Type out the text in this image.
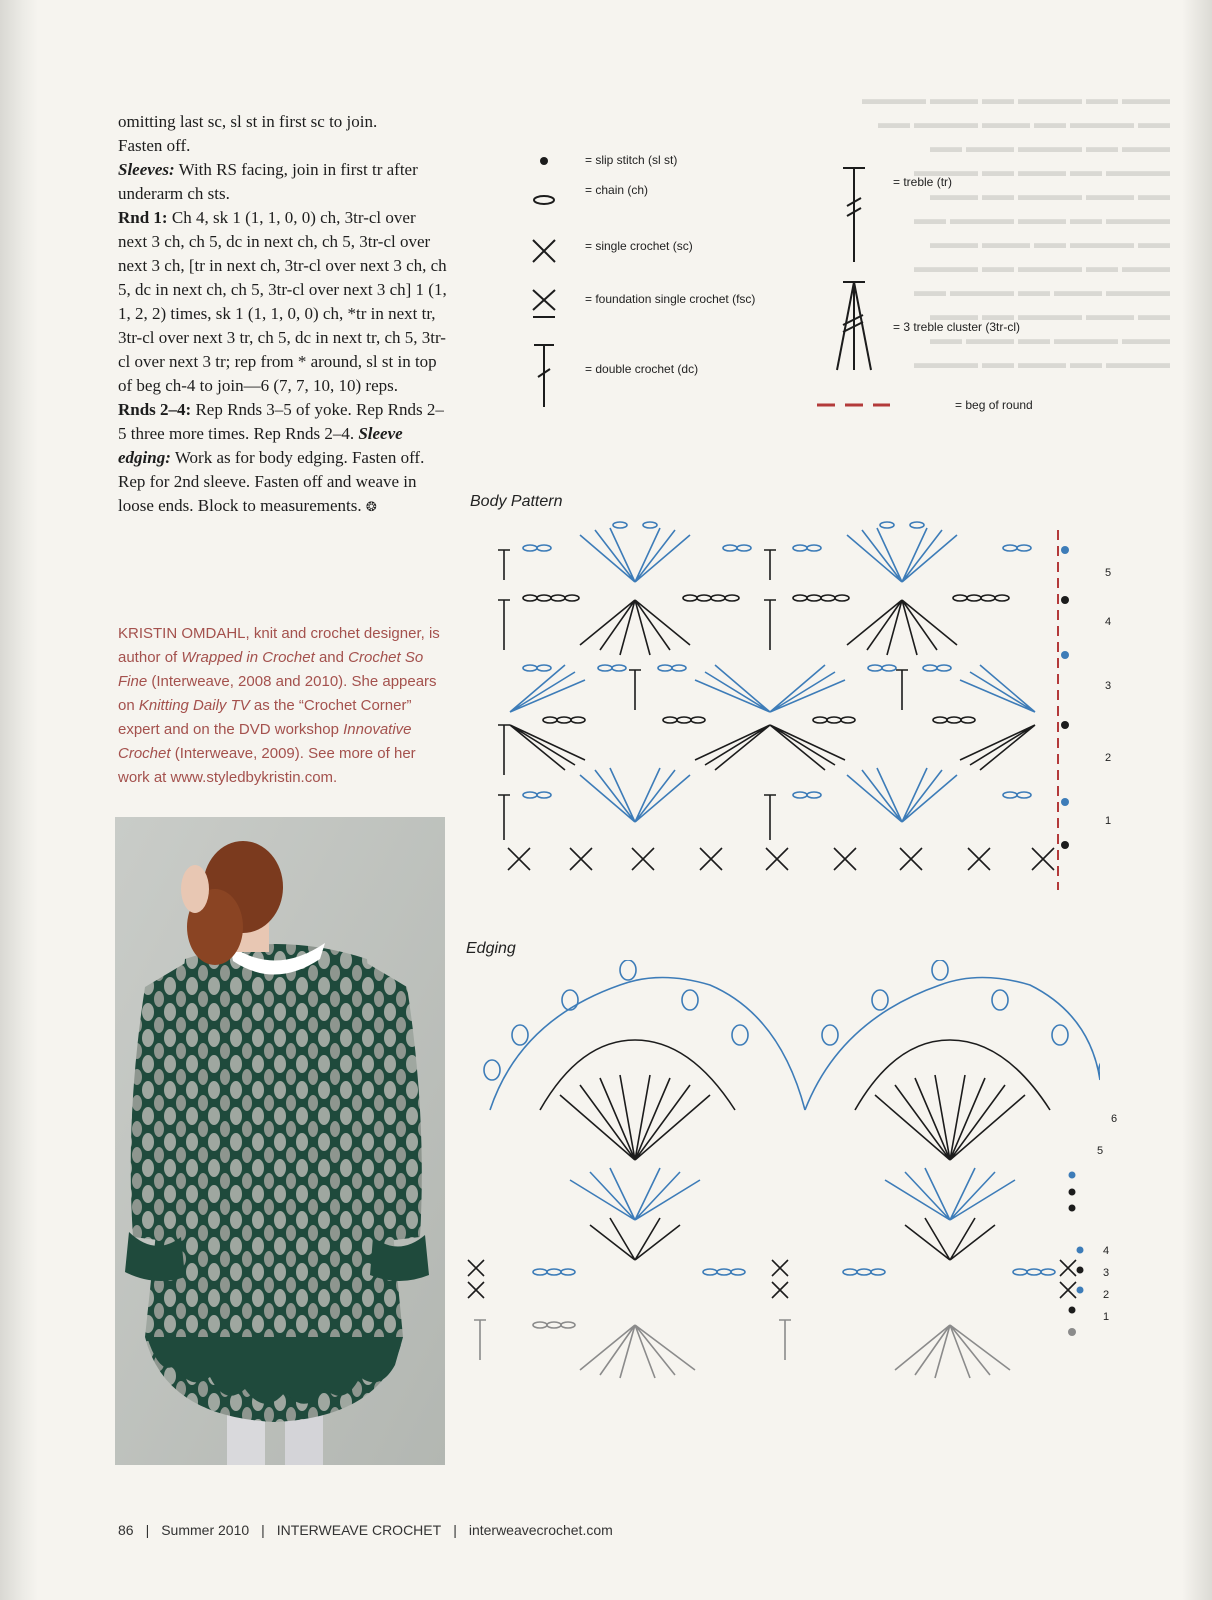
▬▬▬ ▬▬ ▬▬▬▬ ▬▬ ▬▬▬ ▬▬▬▬
▬▬ ▬▬▬▬ ▬▬ ▬▬▬ ▬▬▬▬ ▬▬
▬▬▬ ▬▬ ▬▬▬▬ ▬▬▬ ▬▬
▬▬▬▬ ▬▬ ▬▬▬ ▬▬ ▬▬▬▬
▬▬ ▬▬▬ ▬▬▬▬ ▬▬ ▬▬▬
▬▬▬▬ ▬▬ ▬▬▬ ▬▬▬▬ ▬▬
▬▬ ▬▬▬▬ ▬▬ ▬▬▬ ▬▬▬
▬▬▬ ▬▬ ▬▬▬▬ ▬▬ ▬▬▬▬
▬▬▬▬ ▬▬▬ ▬▬ ▬▬▬▬ ▬▬
▬▬ ▬▬▬ ▬▬▬▬ ▬▬ ▬▬▬
▬▬▬ ▬▬▬▬ ▬▬ ▬▬▬ ▬▬
▬▬▬▬ ▬▬ ▬▬▬ ▬▬ ▬▬▬▬

omitting last sc, sl st in first sc to join.

Fasten off.

Sleeves: With RS facing, join in first tr after underarm ch sts.

Rnd 1: Ch 4, sk 1 (1, 1, 0, 0) ch, 3tr-cl over next 3 ch, ch 5, dc in next ch, ch 5, 3tr-cl over next 3 ch, [tr in next ch, 3tr-cl over next 3 ch, ch 5, dc in next ch, ch 5, 3tr-cl over next 3 ch] 1 (1, 1, 2, 2) times, sk 1 (1, 1, 0, 0) ch, *tr in next tr, 3tr-cl over next 3 tr, ch 5, dc in next tr, ch 5, 3tr-cl over next 3 tr; rep from * around, sl st in top of beg ch-4 to join—6 (7, 7, 10, 10) reps.

Rnds 2–4: Rep Rnds 3–5 of yoke. Rep Rnds 2–5 three more times. Rep Rnds 2–4. Sleeve edging: Work as for body edging. Fasten off. Rep for 2nd sleeve. Fasten off and weave in loose ends. Block to measurements. ❂

KRISTIN OMDAHL, knit and crochet designer, is author of Wrapped in Crochet and Crochet So Fine (Interweave, 2008 and 2010). She appears on Knitting Daily TV as the “Crochet Corner” expert and on the DVD workshop Innovative Crochet (Interweave, 2009). See more of her work at www.styledbykristin.com.
= slip stitch (sl st)
= chain (ch)
= single crochet (sc)
= foundation single crochet (fsc)
= double crochet (dc)
= treble (tr)
= 3 treble cluster (3tr-cl)
= beg of round
Body Pattern
5
4
3
2
1
Edging
6
5
4
3
2
1
86 | Summer 2010 | INTERWEAVE CROCHET | interweavecrochet.com
